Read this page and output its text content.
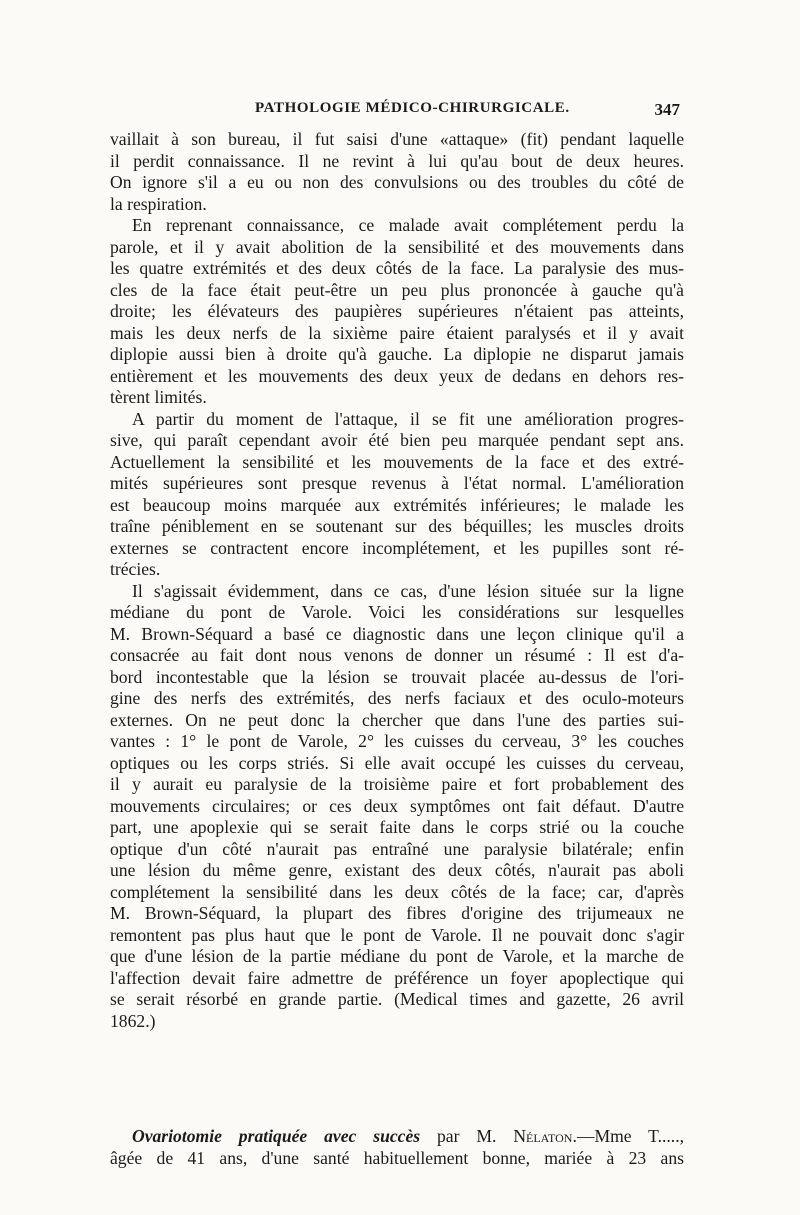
PATHOLOGIE MÉDICO-CHIRURGICALE.	347
vaillait à son bureau, il fut saisi d'une «attaque» (fit) pendant laquelle
il perdit connaissance. Il ne revint à lui qu'au bout de deux heures.
On ignore s'il a eu ou non des convulsions ou des troubles du côté de
la respiration.
En reprenant connaissance, ce malade avait complétement perdu la
parole, et il y avait abolition de la sensibilité et des mouvements dans
les quatre extrémités et des deux côtés de la face. La paralysie des mus-
cles de la face était peut-être un peu plus prononcée à gauche qu'à
droite; les élévateurs des paupières supérieures n'étaient pas atteints,
mais les deux nerfs de la sixième paire étaient paralysés et il y avait
diplopie aussi bien à droite qu'à gauche. La diplopie ne disparut jamais
entièrement et les mouvements des deux yeux de dedans en dehors res-
tèrent limités.
A partir du moment de l'attaque, il se fit une amélioration progres-
sive, qui paraît cependant avoir été bien peu marquée pendant sept ans.
Actuellement la sensibilité et les mouvements de la face et des extré-
mités supérieures sont presque revenus à l'état normal. L'amélioration
est beaucoup moins marquée aux extrémités inférieures; le malade les
traîne péniblement en se soutenant sur des béquilles; les muscles droits
externes se contractent encore incomplétement, et les pupilles sont ré-
trécies.
Il s'agissait évidemment, dans ce cas, d'une lésion située sur la ligne
médiane du pont de Varole. Voici les considérations sur lesquelles
M. Brown-Séquard a basé ce diagnostic dans une leçon clinique qu'il a
consacrée au fait dont nous venons de donner un résumé : Il est d'a-
bord incontestable que la lésion se trouvait placée au-dessus de l'ori-
gine des nerfs des extrémités, des nerfs faciaux et des oculo-moteurs
externes. On ne peut donc la chercher que dans l'une des parties sui-
vantes : 1° le pont de Varole, 2° les cuisses du cerveau, 3° les couches
optiques ou les corps striés. Si elle avait occupé les cuisses du cerveau,
il y aurait eu paralysie de la troisième paire et fort probablement des
mouvements circulaires; or ces deux symptômes ont fait défaut. D'autre
part, une apoplexie qui se serait faite dans le corps strié ou la couche
optique d'un côté n'aurait pas entraîné une paralysie bilatérale; enfin
une lésion du même genre, existant des deux côtés, n'aurait pas aboli
complétement la sensibilité dans les deux côtés de la face; car, d'après
M. Brown-Séquard, la plupart des fibres d'origine des trijumeaux ne
remontent pas plus haut que le pont de Varole. Il ne pouvait donc s'agir
que d'une lésion de la partie médiane du pont de Varole, et la marche de
l'affection devait faire admettre de préférence un foyer apoplectique qui
se serait résorbé en grande partie. (Medical times and gazette, 26 avril
1862.)
Ovariotomie pratiquée avec succès par M. Nélaton.—Mme T.....,
âgée de 41 ans, d'une santé habituellement bonne, mariée à 23 ans
